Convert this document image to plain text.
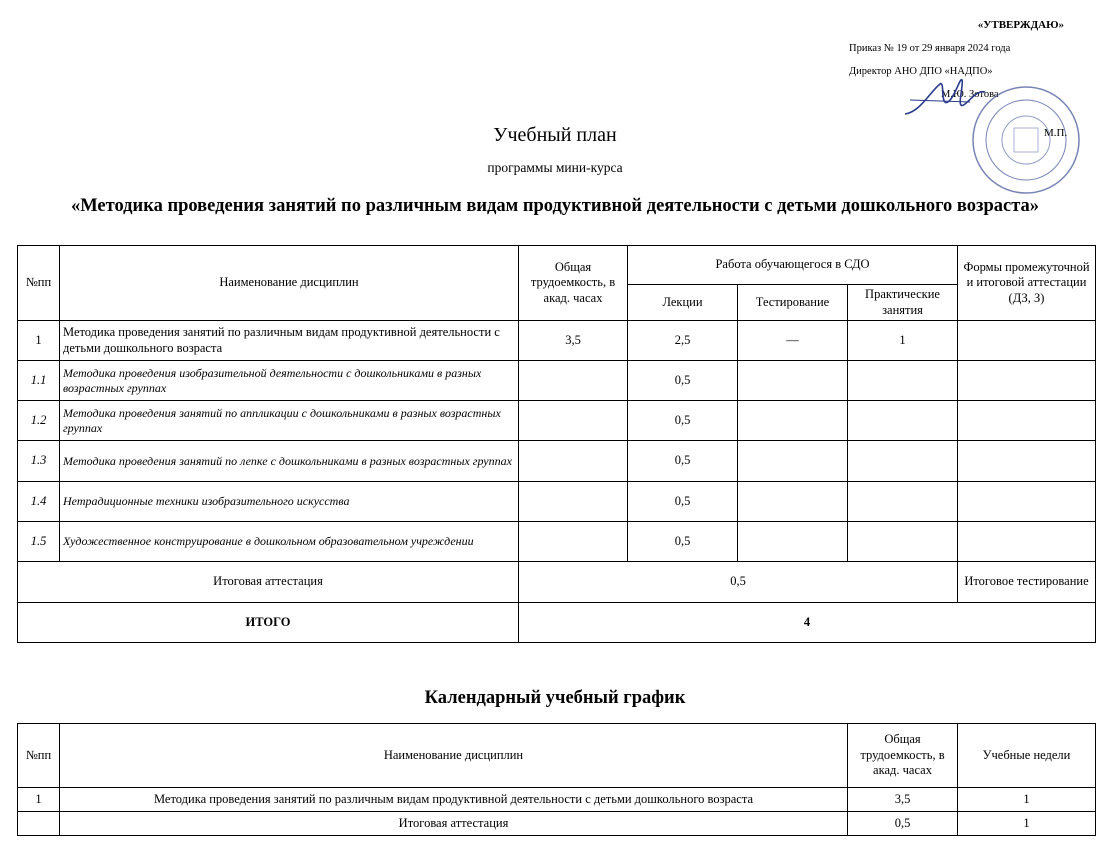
«УТВЕРЖДАЮ»
Приказ № 19 от 29 января 2024 года
Директор АНО ДПО «НАДПО»
М.Ю. Зотова
М.П.
Учебный план
программы мини-курса
«Методика проведения занятий по различным видам продуктивной деятельности с детьми дошкольного возраста»
№пп	Наименование дисциплин	Общая трудоемкость, в акад. часах	Работа обучающегося в СДО			Формы промежуточной и итоговой аттестации (ДЗ, З)
			Лекции	Тестирование	Практические занятия	
1	Методика проведения занятий по различным видам продуктивной деятельности с детьми дошкольного возраста	3,5	2,5	—	1	
1.1	Методика проведения изобразительной деятельности с дошкольниками в разных возрастных группах		0,5			
1.2	Методика проведения занятий по аппликации с дошкольниками в разных возрастных группах		0,5			
1.3	Методика проведения занятий по лепке с дошкольниками в разных возрастных группах		0,5			
1.4	Нетрадиционные техники изобразительного искусства		0,5			
1.5	Художественное конструирование в дошкольном образовательном учреждении		0,5			
Итоговая аттестация		0,5				Итоговое тестирование
ИТОГО		4				
Календарный учебный график
№пп	Наименование дисциплин	Общая трудоемкость, в акад. часах	Учебные недели
1	Методика проведения занятий по различным видам продуктивной деятельности с детьми дошкольного возраста	3,5	1
	Итоговая аттестация	0,5	1
